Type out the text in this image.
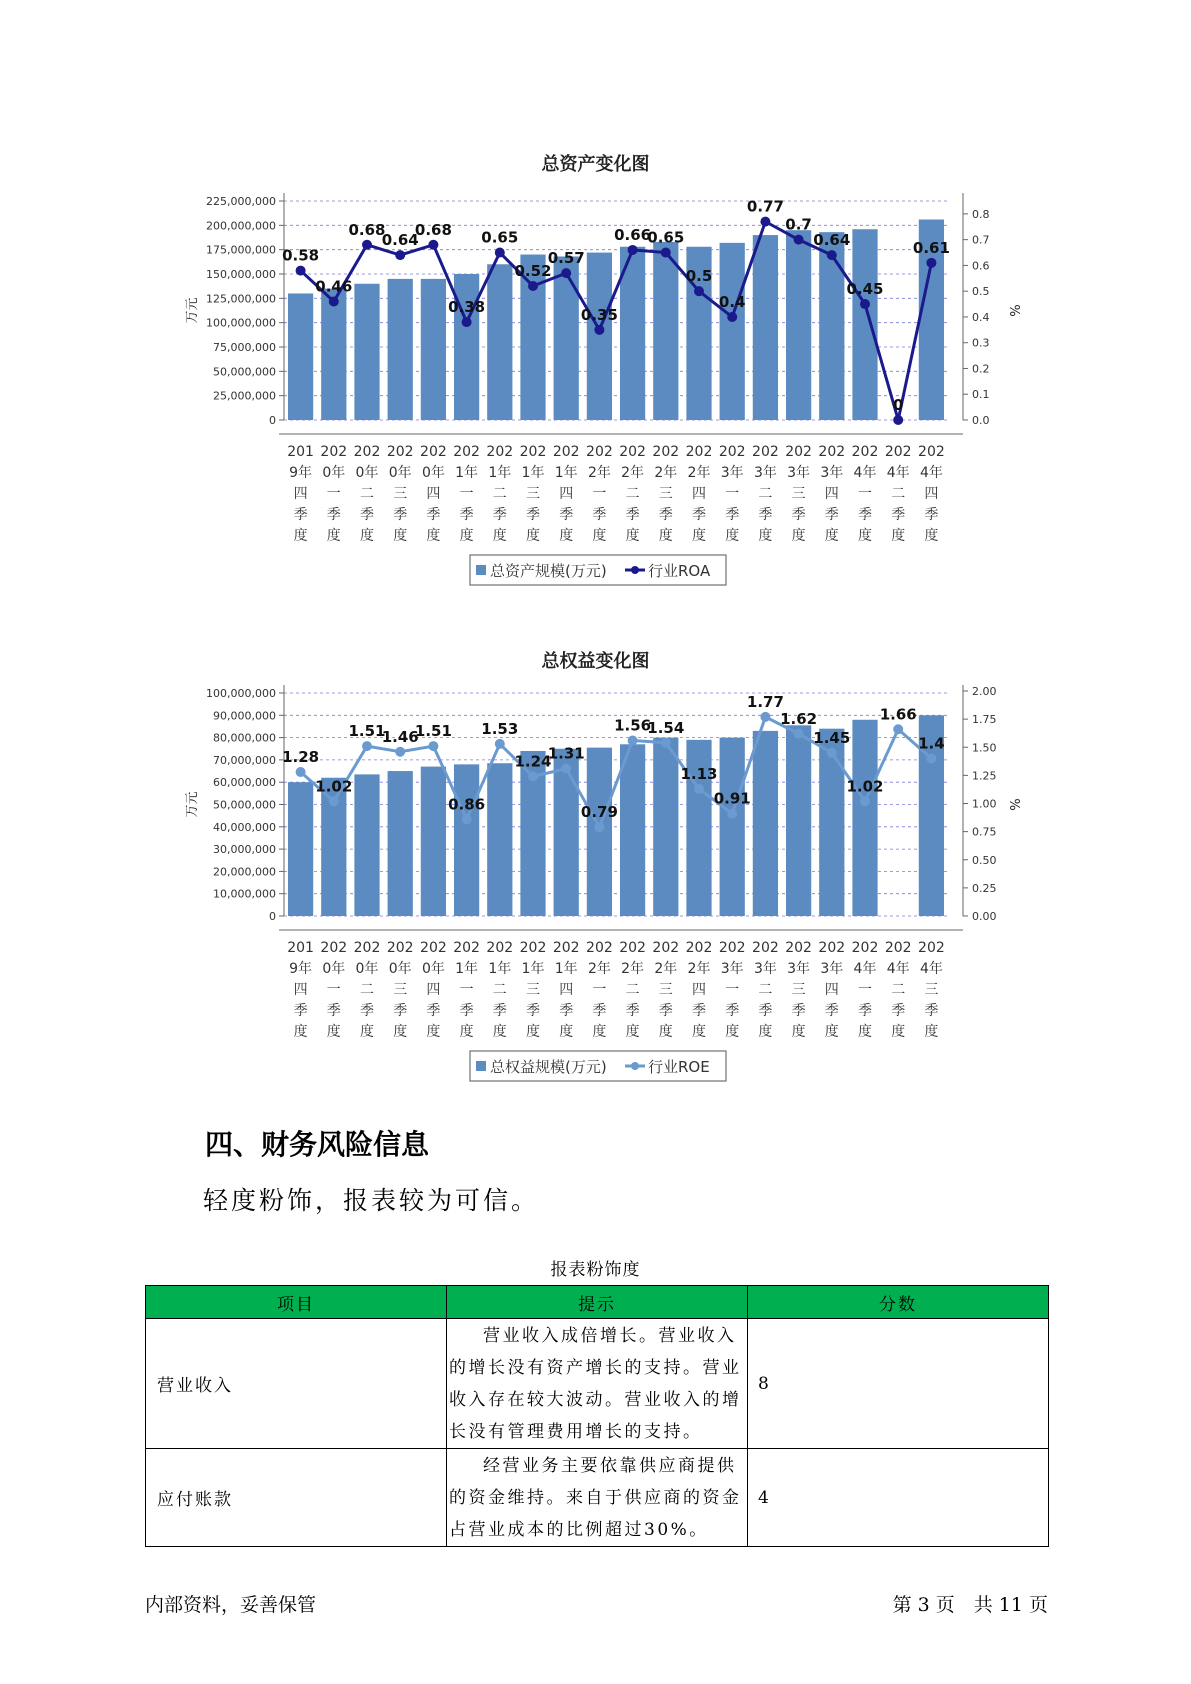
总资产变化图
0
25,000,000
50,000,000
75,000,000
100,000,000
125,000,000
150,000,000
175,000,000
200,000,000
225,000,000
0.0
0.1
0.2
0.3
0.4
0.5
0.6
0.7
0.8
万元	%
0.58
0.46
0.68
0.64
0.68
0.38
0.65
0.52
0.57
0.35
0.66
0.65
0.5
0.4
0.77
0.7
0.64
0.45
0
0.61
201 9年四季度
202 0年一季度
202 0年二季度
202 0年三季度
202 0年四季度
202 1年一季度
202 1年二季度
202 1年三季度
202 1年四季度
202 2年一季度
202 2年二季度
202 2年三季度
202 2年四季度
202 3年一季度
202 3年二季度
202 3年三季度
202 3年四季度
202 4年一季度
202 4年二季度
202 4年四季度
总资产规模(万元)	行业ROA
总权益变化图
0
10,000,000
20,000,000
30,000,000
40,000,000
50,000,000
60,000,000
70,000,000
80,000,000
90,000,000
100,000,000
0.00
0.25
0.50
0.75
1.00
1.25
1.50
1.75
2.00
万元	%
1.28
1.02
1.51
1.46
1.51
0.86
1.53
1.24
1.31
0.79
1.56
1.54
1.13
0.91
1.77
1.62
1.45
1.02
1.66
1.4
201 9年四季度
202 0年一季度
202 0年二季度
202 0年三季度
202 0年四季度
202 1年一季度
202 1年二季度
202 1年三季度
202 1年四季度
202 2年一季度
202 2年二季度
202 2年三季度
202 2年四季度
202 3年一季度
202 3年二季度
202 3年三季度
202 3年四季度
202 4年一季度
202 4年二季度
202 4年三季度
总权益规模(万元)	行业ROE
四、财务风险信息

轻度粉饰，报表较为可信。

报表粉饰度
项目	提示	分数
营业收入	营业收入成倍增长。营业收入的增长没有资产增长的支持。营业收入存在较大波动。营业收入的增长没有管理费用增长的支持。	8
应付账款	经营业务主要依靠供应商提供的资金维持。来自于供应商的资金占营业成本的比例超过30%。	4
内部资料，妥善保管	第 3 页　共 11 页
